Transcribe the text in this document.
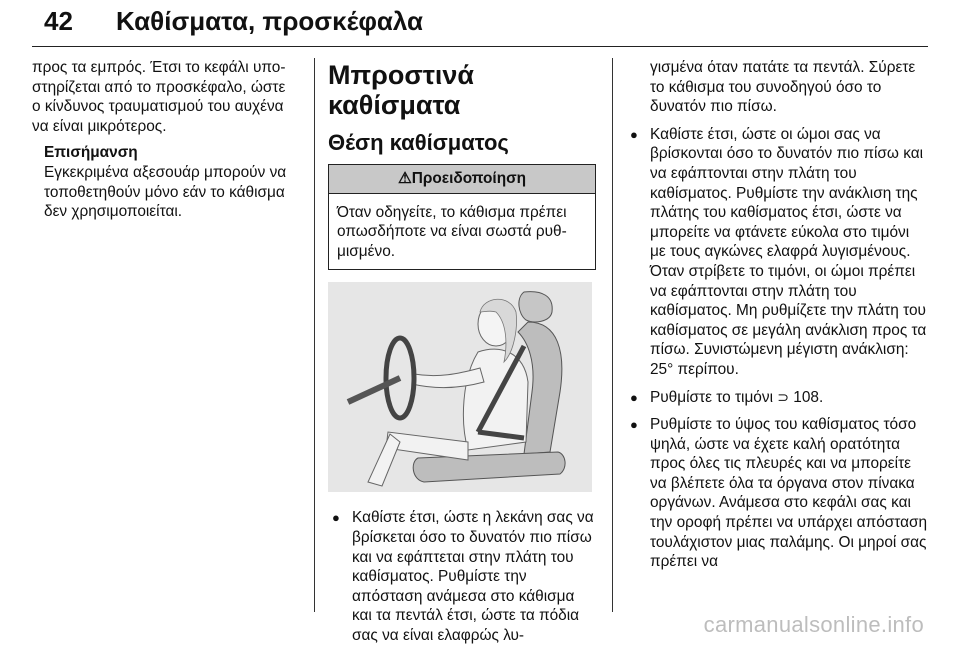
42 Καθίσματα, προσκέφαλα

προς τα εμπρός. Έτσι το κεφάλι υποστηρίζεται από το προσκέφαλο, ώστε ο κίνδυνος τραυματισμού του αυχένα να είναι μικρότερος.

Επισήμανση

Εγκεκριμένα αξεσουάρ μπορούν να τοποθετηθούν μόνο εάν το κάθισμα δεν χρησιμοποιείται.

Μπροστινά καθίσματα
Θέση καθίσματος
⚠Προειδοποίηση
Όταν οδηγείτε, το κάθισμα πρέπει οπωσδήποτε να είναι σωστά ρυθμισμένο.
● Καθίστε έτσι, ώστε η λεκάνη σας να βρίσκεται όσο το δυνατόν πιο πίσω και να εφάπτεται στην πλάτη του καθίσματος. Ρυθμίστε την απόσταση ανάμεσα στο κάθισμα και τα πεντάλ έτσι, ώστε τα πόδια σας να είναι ελαφρώς λυ-

γισμένα όταν πατάτε τα πεντάλ. Σύρετε το κάθισμα του συνοδηγού όσο το δυνατόν πιο πίσω.

● Καθίστε έτσι, ώστε οι ώμοι σας να βρίσκονται όσο το δυνατόν πιο πίσω και να εφάπτονται στην πλάτη του καθίσματος. Ρυθμίστε την ανάκλιση της πλάτης του καθίσματος έτσι, ώστε να μπορείτε να φτάνετε εύκολα στο τιμόνι με τους αγκώνες ελαφρά λυγισμένους. Όταν στρίβετε το τιμόνι, οι ώμοι πρέπει να εφάπτονται στην πλάτη του καθίσματος. Μη ρυθμίζετε την πλάτη του καθίσματος σε μεγάλη ανάκλιση προς τα πίσω. Συνιστώμενη μέγιστη ανάκλιση: 25° περίπου.
● Ρυθμίστε το τιμόνι ⊃ 108.
● Ρυθμίστε το ύψος του καθίσματος τόσο ψηλά, ώστε να έχετε καλή ορατότητα προς όλες τις πλευρές και να μπορείτε να βλέπετε όλα τα όργανα στον πίνακα οργάνων. Ανάμεσα στο κεφάλι σας και την οροφή πρέπει να υπάρχει απόσταση τουλάχιστον μιας παλάμης. Οι μηροί σας πρέπει να
carmanualsonline.info
